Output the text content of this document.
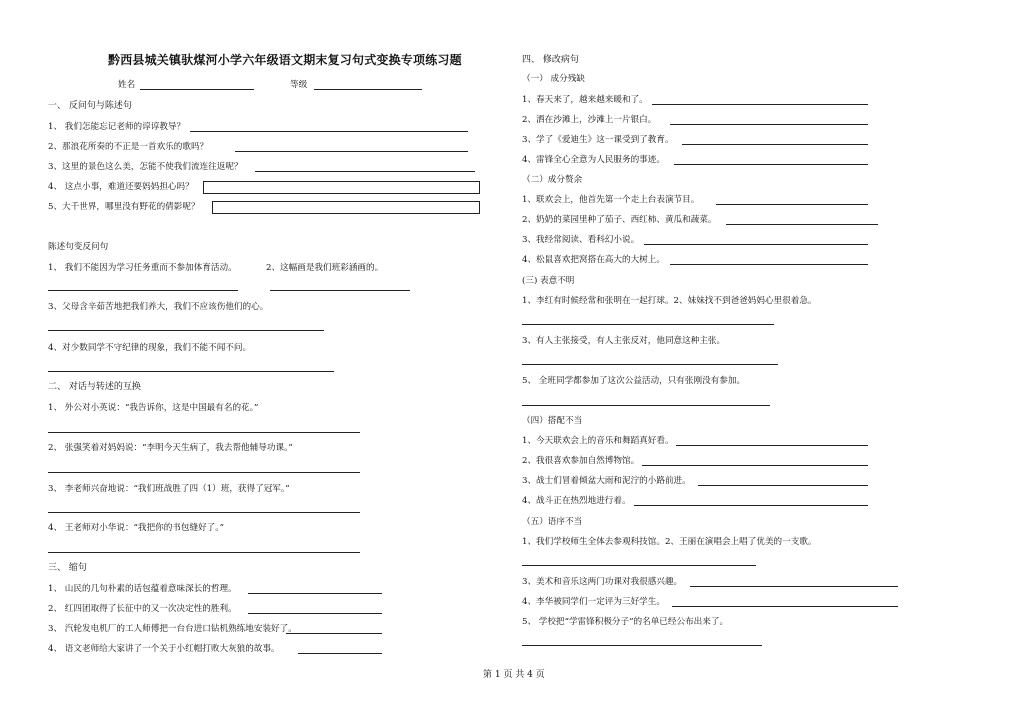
黔西县城关镇驮煤河小学六年级语文期末复习句式变换专项练习题
姓名	等级
一、 反问句与陈述句
1、 我们怎能忘记老师的谆谆教导？
2、那浪花所奏的不正是一首欢乐的歌吗？
3、这里的景色这么美，怎能不使我们流连往返呢？
4、 这点小事，难道还要妈妈担心吗？
5、大千世界，哪里没有野花的倩影呢？
陈述句变反问句
1、 我们不能因为学习任务重而不参加体育活动。	2、这幅画是我们班彩涵画的。
3、父母含辛茹苦地把我们养大，我们不应该伤他们的心。
4、对少数同学不守纪律的现象，我们不能不闻不问。
二、 对话与转述的互换
1、 外公对小英说：“我告诉你，这是中国最有名的花。”
2、 张强笑着对妈妈说：“李明今天生病了，我去帮他辅导功课。”
3、 李老师兴奋地说：“我们班战胜了四（1）班，获得了冠军。”
4、 王老师对小华说：“我把你的书包缝好了。”
三、 缩句
1、 山民的几句朴素的话包蕴着意味深长的哲理。
2、 红四团取得了长征中的又一次决定性的胜利。
3、 汽轮发电机厂的工人师傅把一台台进口钻机熟练地安装好了。
4、 语文老师给大家讲了一个关于小红帽打败大灰狼的故事。
四、 修改病句
（一） 成分残缺
1、春天来了，越来越来暖和了。
2、洒在沙滩上，沙滩上一片银白。
3、学了《爱迪生》这一课受到了教育。
4、雷锋全心全意为人民服务的事迹。
（二）成分赘余
1、联欢会上，他首先第一个走上台表演节目。
2、奶奶的菜园里种了茄子、西红柿、黄瓜和蔬菜。
3、我经常阅读、看科幻小说。
4、松鼠喜欢把窝搭在高大的大树上。
(三) 表意不明
1、李红有时候经常和张明在一起打球。2、妹妹找不到爸爸妈妈心里很着急。
3、有人主张接受，有人主张反对，他同意这种主张。
5、 全班同学都参加了这次公益活动，只有张刚没有参加。
（四）搭配不当
1、今天联欢会上的音乐和舞蹈真好看。
2、我很喜欢参加自然博物馆。
3、战士们冒着倾盆大雨和泥泞的小路前进。
4、战斗正在热烈地进行着。
（五）语序不当
1、我们学校师生全体去参观科技馆。2、王丽在演唱会上唱了优美的一支歌。
3、美术和音乐这两门功课对我很感兴趣。
4、李华被同学们一定评为三好学生。
5、 学校把“学雷锋积极分子”的名单已经公布出来了。
第 1 页 共 4 页
